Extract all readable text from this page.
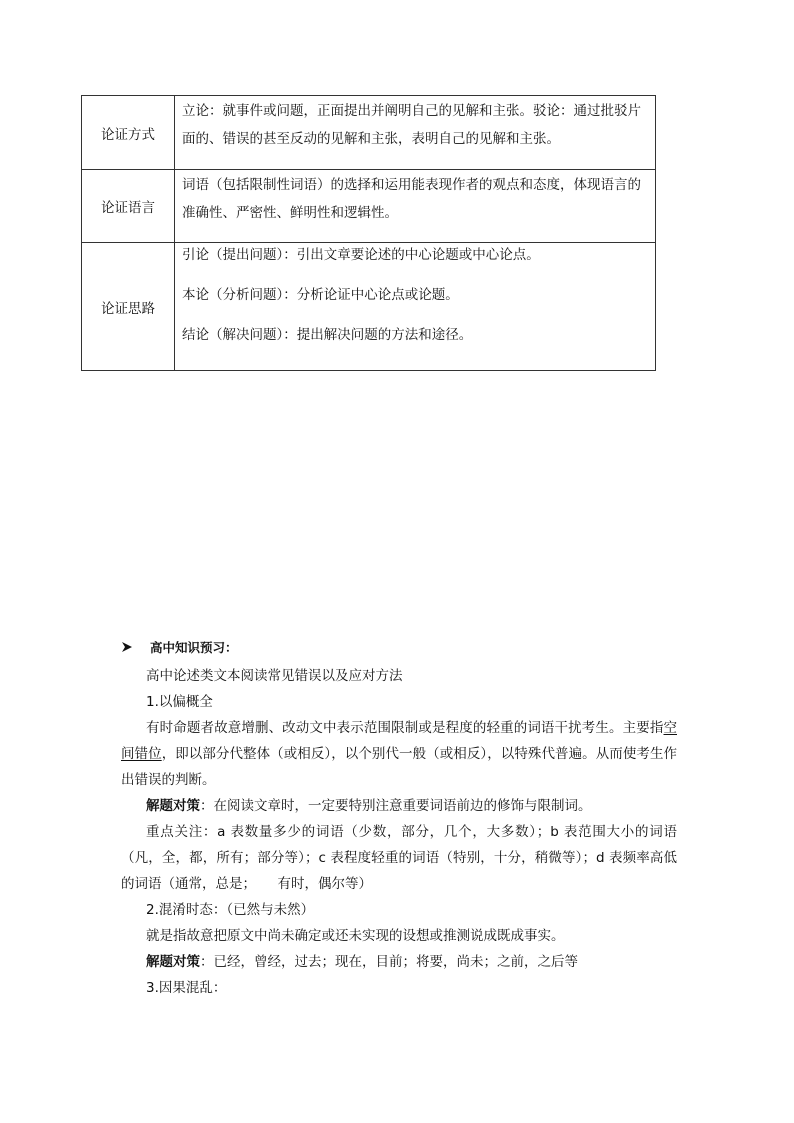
论证方式	立论：就事件或问题，正面提出并阐明自己的见解和主张。驳论：通过批驳片面的、错误的甚至反动的见解和主张，表明自己的见解和主张。
论证语言	词语（包括限制性词语）的选择和运用能表现作者的观点和态度，体现语言的准确性、严密性、鲜明性和逻辑性。
论证思路	引论（提出问题）：引出文章要论述的中心论题或中心论点。
本论（分析问题）：分析论证中心论点或论题。
结论（解决问题）：提出解决问题的方法和途径。
高中知识预习：
高中论述类文本阅读常见错误以及应对方法
1.以偏概全
有时命题者故意增删、改动文中表示范围限制或是程度的轻重的词语干扰考生。主要指空间错位，即以部分代整体（或相反），以个别代一般（或相反），以特殊代普遍。从而使考生作出错误的判断。
解题对策：在阅读文章时，一定要特别注意重要词语前边的修饰与限制词。
重点关注：a 表数量多少的词语（少数，部分，几个，大多数）；b 表范围大小的词语（凡，全，都，所有；部分等）；c 表程度轻重的词语（特别，十分，稍微等）；d 表频率高低的词语（通常，总是；     有时，偶尔等）
2.混淆时态：（已然与未然）
就是指故意把原文中尚未确定或还未实现的设想或推测说成既成事实。
解题对策：已经，曾经，过去；现在，目前；将要，尚未；之前，之后等
3.因果混乱：
